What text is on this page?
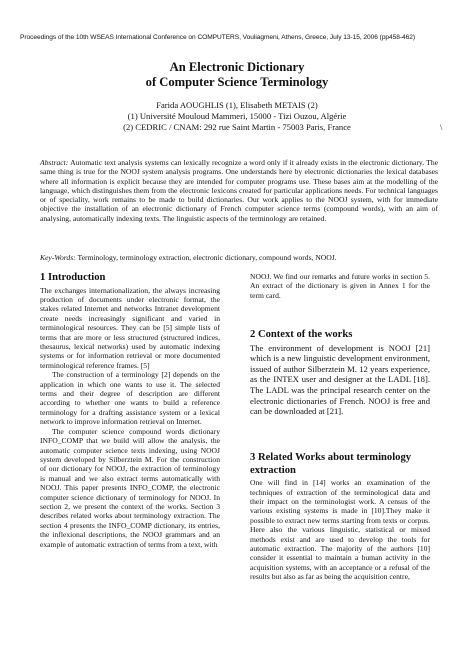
Proceedings of the 10th WSEAS International Conference on COMPUTERS, Vouliagmeni, Athens, Greece, July 13-15, 2006 (pp458-462)
An Electronic Dictionary
of Computer Science Terminology
Farida AOUGHLIS (1), Elisabeth METAIS (2)
(1) Université Mouloud Mammeri, 15000 - Tizi Ouzou, Algérie
(2) CEDRIC / CNAM: 292 rue Saint Martin - 75003 Paris, France	\

Abstract: Automatic text analysis systems can lexically recognize a word only if it already exists in the electronic dictionary. The same thing is true for the NOOJ system analysis programs. One understands here by electronic dictionaries the lexical databases where all information is explicit because they are intended for computer programs use. These bases aim at the modelling of the language, which distinguishes them from the electronic lexicons created for particular applications needs. For technical languages or of speciality, work remains to be made to build dictionaries. Our work applies to the NOOJ system, with for immediate objective the installation of an electronic dictionary of French computer science terms (compound words), with an aim of analysing, automatically indexing texts. The linguistic aspects of the terminology are retained.

Key-Words: Terminology, terminology extraction, electronic dictionary, compound words, NOOJ.

1 Introduction

The exchanges internationalization, the always increasing production of documents under electronic format, the stakes related Internet and networks Intranet development create needs increasingly significant and varied in terminological resources. They can be [5] simple lists of terms that are more or less structured (structured indices, thesaurus, lexical networks) used by automatic indexing systems or for information retrieval or more documented terminological reference frames. [5]

The construction of a terminology [2] depends on the application in which one wants to use it. The selected terms and their degree of description are different according to whether one wants to build a reference terminology for a drafting assistance system or a lexical network to improve information retrieval on Internet.

The computer science compound words dictionary INFO_COMP that we build will allow the analysis, the automatic computer science texts indexing, using NOOJ system developed by Silberztein M. For the construction of our dictionary for NOOJ, the extraction of terminology is manual and we also extract terms automatically with NOOJ. This paper presents INFO_COMP, the electronic computer science dictionary of terminology for NOOJ. In section 2, we present the context of the works. Section 3 describes related works about terminology extraction. The section 4 presents the INFO_COMP dictionary, its entries, the inflexional descriptions, the NOOJ grammars and an example of automatic extraction of terms from a text, with

NOOJ. We find our remarks and future works in section 5. An extract of the dictionary is given in Annex 1 for the term card.

2 Context of the works

The environment of development is NOOJ [21] which is a new linguistic development environment, issued of author Silberztein M. 12 years experience, as the INTEX user and designer at the LADL [18]. The LADL was the principal research center on the electronic dictionaries of French. NOOJ is free and can be downloaded at [21].

3 Related Works about terminology extraction

One will find in [14] works an examination of the techniques of extraction of the terminological data and their impact on the terminologist work. A census of the various existing systems is made in [10].They make it possible to extract new terms starting from texts or corpus. Here also the various linguistic, statistical or mixed methods exist and are used to develop the tools for automatic extraction. The majority of the authors [10] consider it essential to maintain a human activity in the acquisition systems, with an acceptance or a refusal of the results but also as far as being the acquisition centre,
